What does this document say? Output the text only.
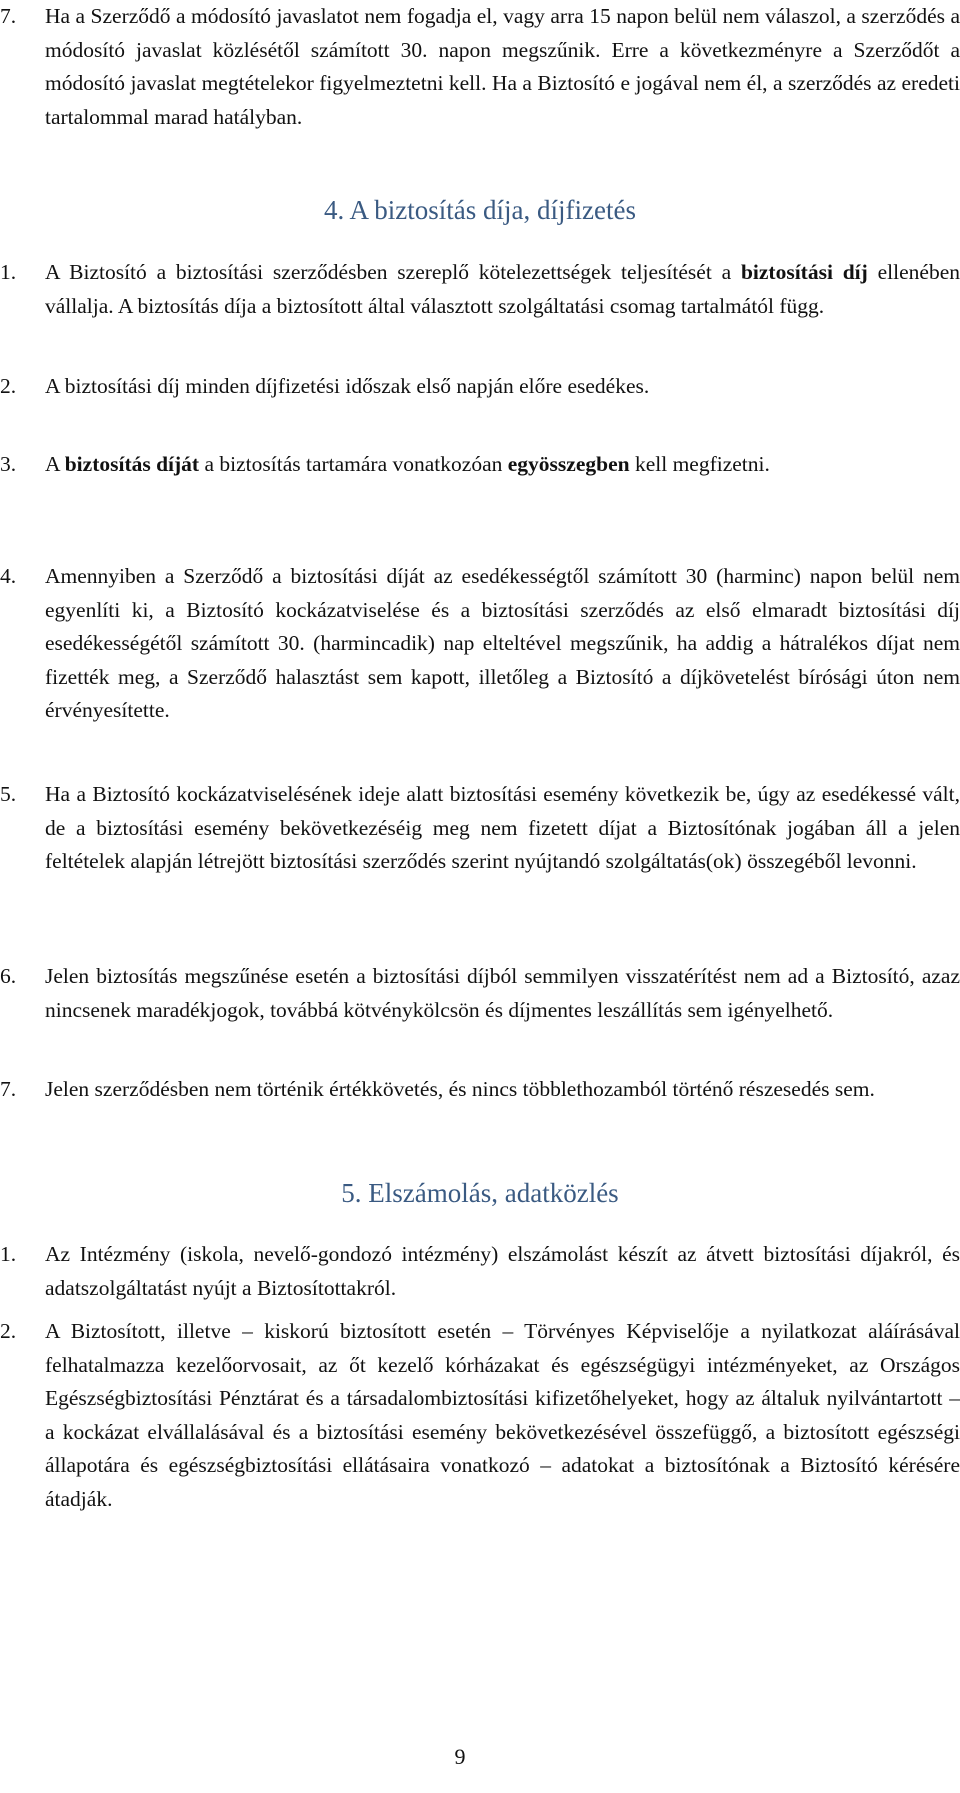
7.	Ha a Szerződő a módosító javaslatot nem fogadja el, vagy arra 15 napon belül nem válaszol, a szerződés a módosító javaslat közlésétől számított 30. napon megszűnik. Erre a következményre a Szerződőt a módosító javaslat megtételekor figyelmeztetni kell. Ha a Biztosító e jogával nem él, a szerződés az eredeti tartalommal marad hatályban.
4. A biztosítás díja, díjfizetés
1.	A Biztosító a biztosítási szerződésben szereplő kötelezettségek teljesítését a biztosítási díj ellenében vállalja. A biztosítás díja a biztosított által választott szolgáltatási csomag tartalmától függ.
2.	A biztosítási díj minden díjfizetési időszak első napján előre esedékes.
3.	A biztosítás díját a biztosítás tartamára vonatkozóan egyösszegben kell megfizetni.
4.	Amennyiben a Szerződő a biztosítási díját az esedékességtől számított 30 (harminc) napon belül nem egyenlíti ki, a Biztosító kockázatviselése és a biztosítási szerződés az első elmaradt biztosítási díj esedékességétől számított 30. (harmincadik) nap elteltével megszűnik, ha addig a hátralékos díjat nem fizették meg, a Szerződő halasztást sem kapott, illetőleg a Biztosító a díjkövetelést bírósági úton nem érvényesítette.
5.	Ha a Biztosító kockázatviselésének ideje alatt biztosítási esemény következik be, úgy az esedékessé vált, de a biztosítási esemény bekövetkezéséig meg nem fizetett díjat a Biztosítónak jogában áll a jelen feltételek alapján létrejött biztosítási szerződés szerint nyújtandó szolgáltatás(ok) összegéből levonni.
6.	Jelen biztosítás megszűnése esetén a biztosítási díjból semmilyen visszatérítést nem ad a Biztosító, azaz nincsenek maradékjogok, továbbá kötvénykölcsön és díjmentes leszállítás sem igényelhető.
7.	Jelen szerződésben nem történik értékkövetés, és nincs többlethozamból történő részesedés sem.
5. Elszámolás, adatközlés
1.	Az Intézmény (iskola, nevelő-gondozó intézmény) elszámolást készít az átvett biztosítási díjakról, és adatszolgáltatást nyújt a Biztosítottakról.
2.	A Biztosított, illetve – kiskorú biztosított esetén – Törvényes Képviselője a nyilatkozat aláírásával felhatalmazza kezelőorvosait, az őt kezelő kórházakat és egészségügyi intézményeket, az Országos Egészségbiztosítási Pénztárat és a társadalombiztosítási kifizetőhelyeket, hogy az általuk nyilvántartott – a kockázat elvállalásával és a biztosítási esemény bekövetkezésével összefüggő, a biztosított egészségi állapotára és egészségbiztosítási ellátásaira vonatkozó – adatokat a biztosítónak a Biztosító kérésére átadják.
9
